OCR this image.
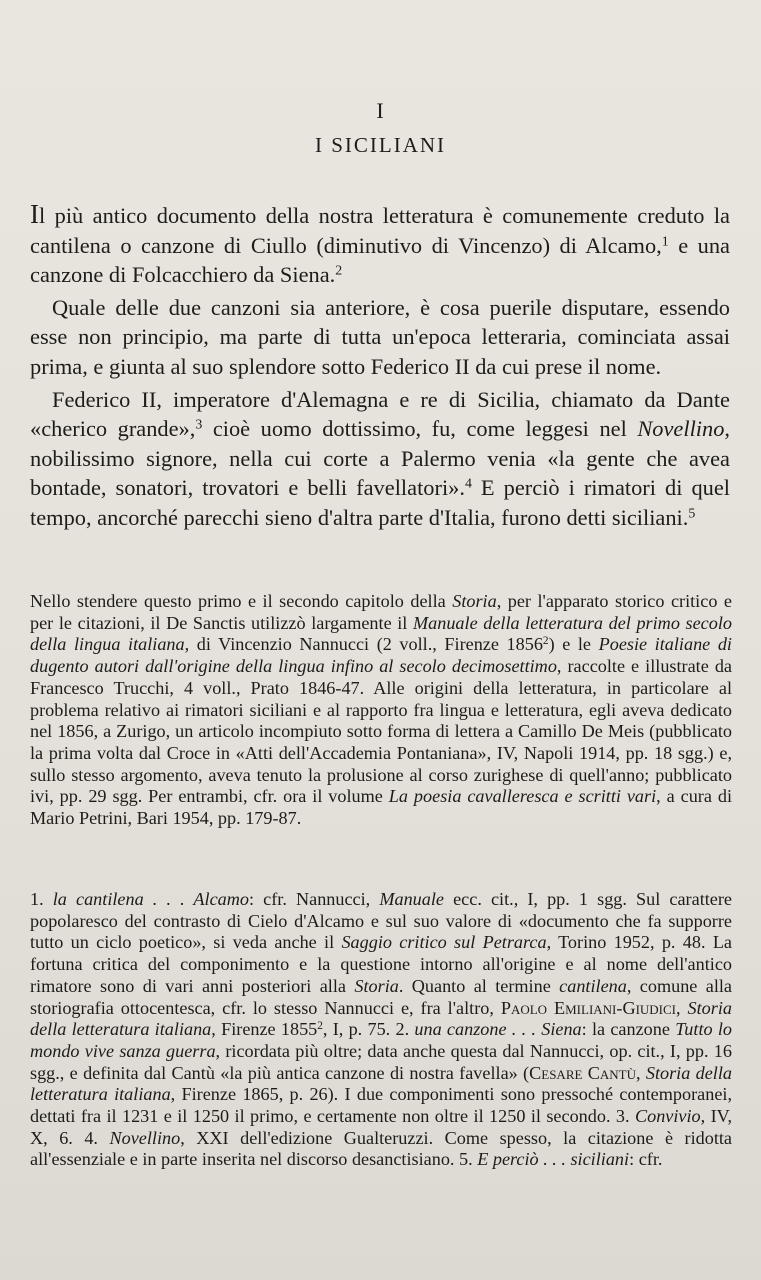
I
I SICILIANI

Il più antico documento della nostra letteratura è comunemente creduto la cantilena o canzone di Ciullo (diminutivo di Vincenzo) di Alcamo,$^1$ e una canzone di Folcacchiero da Siena.$^2$

Quale delle due canzoni sia anteriore, è cosa puerile disputare, essendo esse non principio, ma parte di tutta un'epoca letteraria, cominciata assai prima, e giunta al suo splendore sotto Federico II da cui prese il nome.

Federico II, imperatore d'Alemagna e re di Sicilia, chiamato da Dante «cherico grande»,$^3$ cioè uomo dottissimo, fu, come leggesi nel Novellino, nobilissimo signore, nella cui corte a Palermo venia «la gente che avea bontade, sonatori, trovatori e belli favellatori».$^4$ E perciò i rimatori di quel tempo, ancorché parecchi sieno d'altra parte d'Italia, furono detti siciliani.$^5$

Nello stendere questo primo e il secondo capitolo della Storia, per l'apparato storico critico e per le citazioni, il De Sanctis utilizzò largamente il Manuale della letteratura del primo secolo della lingua italiana, di Vincenzio Nannucci (2 voll., Firenze 1856$^2$) e le Poesie italiane di dugento autori dall'origine della lingua infino al secolo decimosettimo, raccolte e illustrate da Francesco Trucchi, 4 voll., Prato 1846-47. Alle origini della letteratura, in particolare al problema relativo ai rimatori siciliani e al rapporto fra lingua e letteratura, egli aveva dedicato nel 1856, a Zurigo, un articolo incompiuto sotto forma di lettera a Camillo De Meis (pubblicato la prima volta dal Croce in «Atti dell'Accademia Pontaniana», IV, Napoli 1914, pp. 18 sgg.) e, sullo stesso argomento, aveva tenuto la prolusione al corso zurighese di quell'anno; pubblicato ivi, pp. 29 sgg. Per entrambi, cfr. ora il volume La poesia cavalleresca e scritti vari, a cura di Mario Petrini, Bari 1954, pp. 179-87.

1. la cantilena . . . Alcamo: cfr. Nannucci, Manuale ecc. cit., I, pp. 1 sgg. Sul carattere popolaresco del contrasto di Cielo d'Alcamo e sul suo valore di «documento che fa supporre tutto un ciclo poetico», si veda anche il Saggio critico sul Petrarca, Torino 1952, p. 48. La fortuna critica del componimento e la questione intorno all'origine e al nome dell'antico rimatore sono di vari anni posteriori alla Storia. Quanto al termine cantilena, comune alla storiografia ottocentesca, cfr. lo stesso Nannucci e, fra l'altro, Paolo Emiliani-Giudici, Storia della letteratura italiana, Firenze 1855$^2$, I, p. 75. 2. una canzone . . . Siena: la canzone Tutto lo mondo vive sanza guerra, ricordata più oltre; data anche questa dal Nannucci, op. cit., I, pp. 16 sgg., e definita dal Cantù «la più antica canzone di nostra favella» (Cesare Cantù, Storia della letteratura italiana, Firenze 1865, p. 26). I due componimenti sono pressoché contemporanei, dettati fra il 1231 e il 1250 il primo, e certamente non oltre il 1250 il secondo. 3. Convivio, IV, X, 6. 4. Novellino, XXI dell'edizione Gualteruzzi. Come spesso, la citazione è ridotta all'essenziale e in parte inserita nel discorso desanctisiano. 5. E perciò . . . siciliani: cfr.
